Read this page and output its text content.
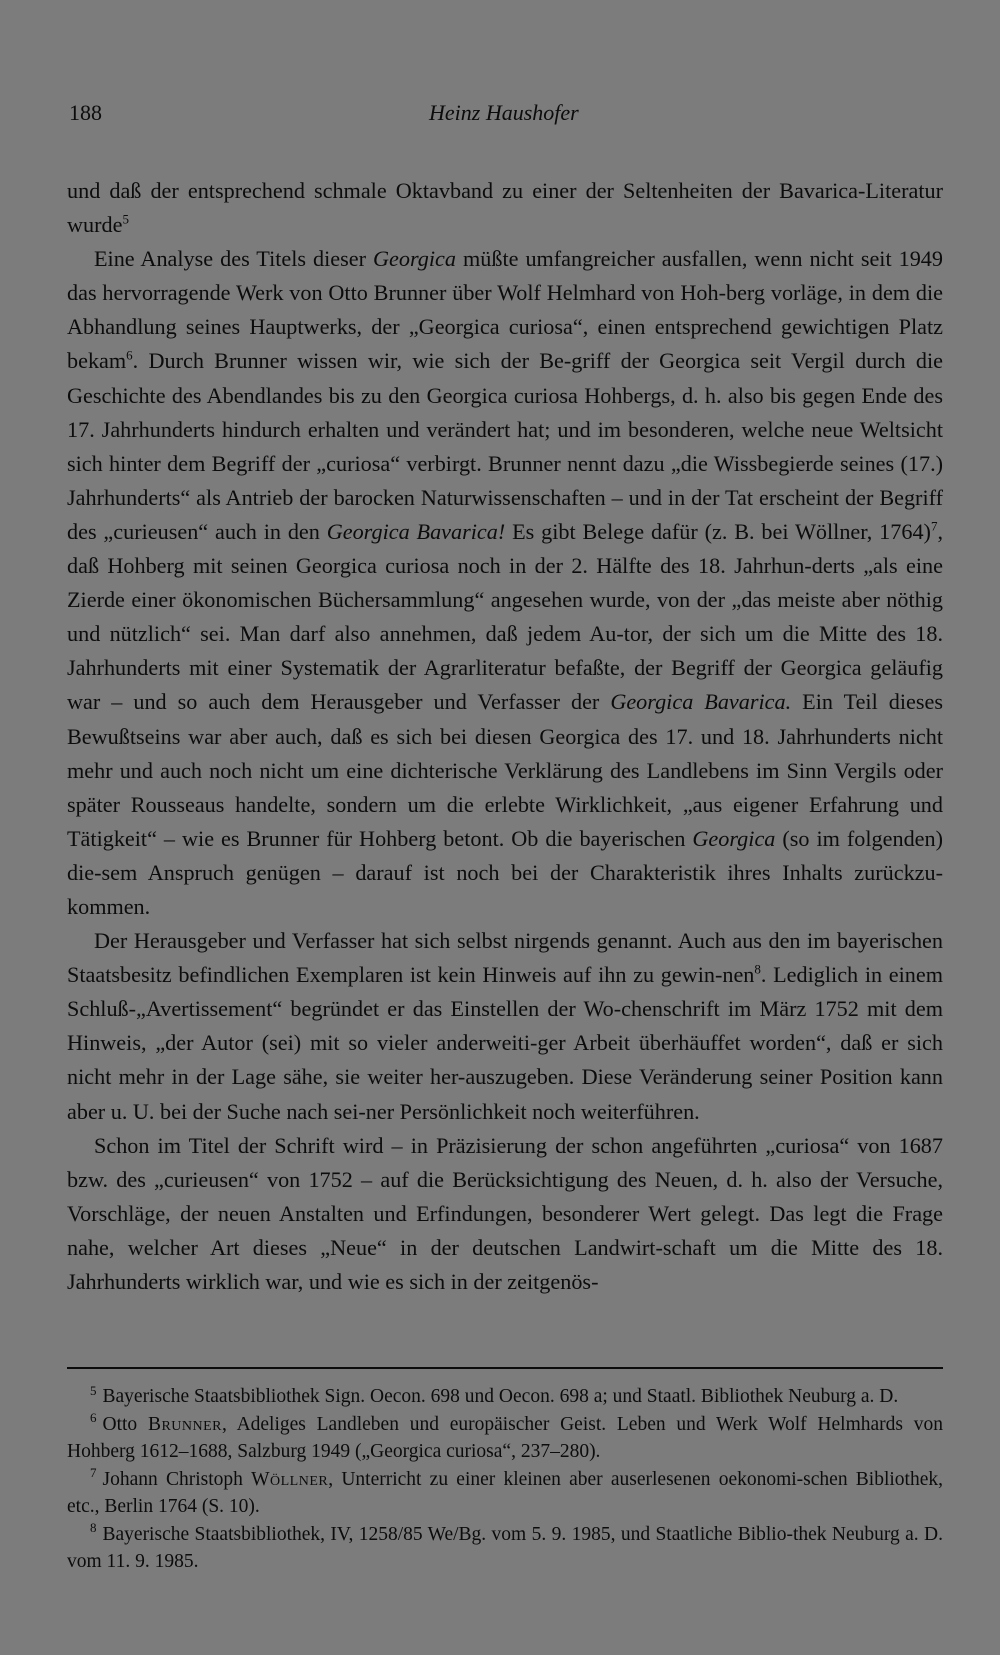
188	Heinz Haushofer

und daß der entsprechend schmale Oktavband zu einer der Seltenheiten der Bavarica-Literatur wurde$^5$

Eine Analyse des Titels dieser Georgica müßte umfangreicher ausfallen, wenn nicht seit 1949 das hervorragende Werk von Otto Brunner über Wolf Helmhard von Hoh-berg vorläge, in dem die Abhandlung seines Hauptwerks, der „Georgica curiosa“, einen entsprechend gewichtigen Platz bekam$^6$. Durch Brunner wissen wir, wie sich der Be-griff der Georgica seit Vergil durch die Geschichte des Abendlandes bis zu den Georgica curiosa Hohbergs, d. h. also bis gegen Ende des 17. Jahrhunderts hindurch erhalten und verändert hat; und im besonderen, welche neue Weltsicht sich hinter dem Begriff der „curiosa“ verbirgt. Brunner nennt dazu „die Wissbegierde seines (17.) Jahrhunderts“ als Antrieb der barocken Naturwissenschaften – und in der Tat erscheint der Begriff des „curieusen“ auch in den Georgica Bavarica! Es gibt Belege dafür (z. B. bei Wöllner, 1764)$^7$, daß Hohberg mit seinen Georgica curiosa noch in der 2. Hälfte des 18. Jahrhun-derts „als eine Zierde einer ökonomischen Büchersammlung“ angesehen wurde, von der „das meiste aber nöthig und nützlich“ sei. Man darf also annehmen, daß jedem Au-tor, der sich um die Mitte des 18. Jahrhunderts mit einer Systematik der Agrarliteratur befaßte, der Begriff der Georgica geläufig war – und so auch dem Herausgeber und Verfasser der Georgica Bavarica. Ein Teil dieses Bewußtseins war aber auch, daß es sich bei diesen Georgica des 17. und 18. Jahrhunderts nicht mehr und auch noch nicht um eine dichterische Verklärung des Landlebens im Sinn Vergils oder später Rousseaus handelte, sondern um die erlebte Wirklichkeit, „aus eigener Erfahrung und Tätigkeit“ – wie es Brunner für Hohberg betont. Ob die bayerischen Georgica (so im folgenden) die-sem Anspruch genügen – darauf ist noch bei der Charakteristik ihres Inhalts zurückzu-kommen.

Der Herausgeber und Verfasser hat sich selbst nirgends genannt. Auch aus den im bayerischen Staatsbesitz befindlichen Exemplaren ist kein Hinweis auf ihn zu gewin-nen$^8$. Lediglich in einem Schluß-„Avertissement“ begründet er das Einstellen der Wo-chenschrift im März 1752 mit dem Hinweis, „der Autor (sei) mit so vieler anderweiti-ger Arbeit überhäuffet worden“, daß er sich nicht mehr in der Lage sähe, sie weiter her-auszugeben. Diese Veränderung seiner Position kann aber u. U. bei der Suche nach sei-ner Persönlichkeit noch weiterführen.

Schon im Titel der Schrift wird – in Präzisierung der schon angeführten „curiosa“ von 1687 bzw. des „curieusen“ von 1752 – auf die Berücksichtigung des Neuen, d. h. also der Versuche, Vorschläge, der neuen Anstalten und Erfindungen, besonderer Wert gelegt. Das legt die Frage nahe, welcher Art dieses „Neue“ in der deutschen Landwirt-schaft um die Mitte des 18. Jahrhunderts wirklich war, und wie es sich in der zeitgenös-

$^5$ Bayerische Staatsbibliothek Sign. Oecon. 698 und Oecon. 698 a; und Staatl. Bibliothek Neuburg a. D.

$^6$ Otto Brunner, Adeliges Landleben und europäischer Geist. Leben und Werk Wolf Helmhards von Hohberg 1612–1688, Salzburg 1949 („Georgica curiosa“, 237–280).

$^7$ Johann Christoph Wöllner, Unterricht zu einer kleinen aber auserlesenen oekonomi-schen Bibliothek, etc., Berlin 1764 (S. 10).

$^8$ Bayerische Staatsbibliothek, IV, 1258/85 We/Bg. vom 5. 9. 1985, und Staatliche Biblio-thek Neuburg a. D. vom 11. 9. 1985.
